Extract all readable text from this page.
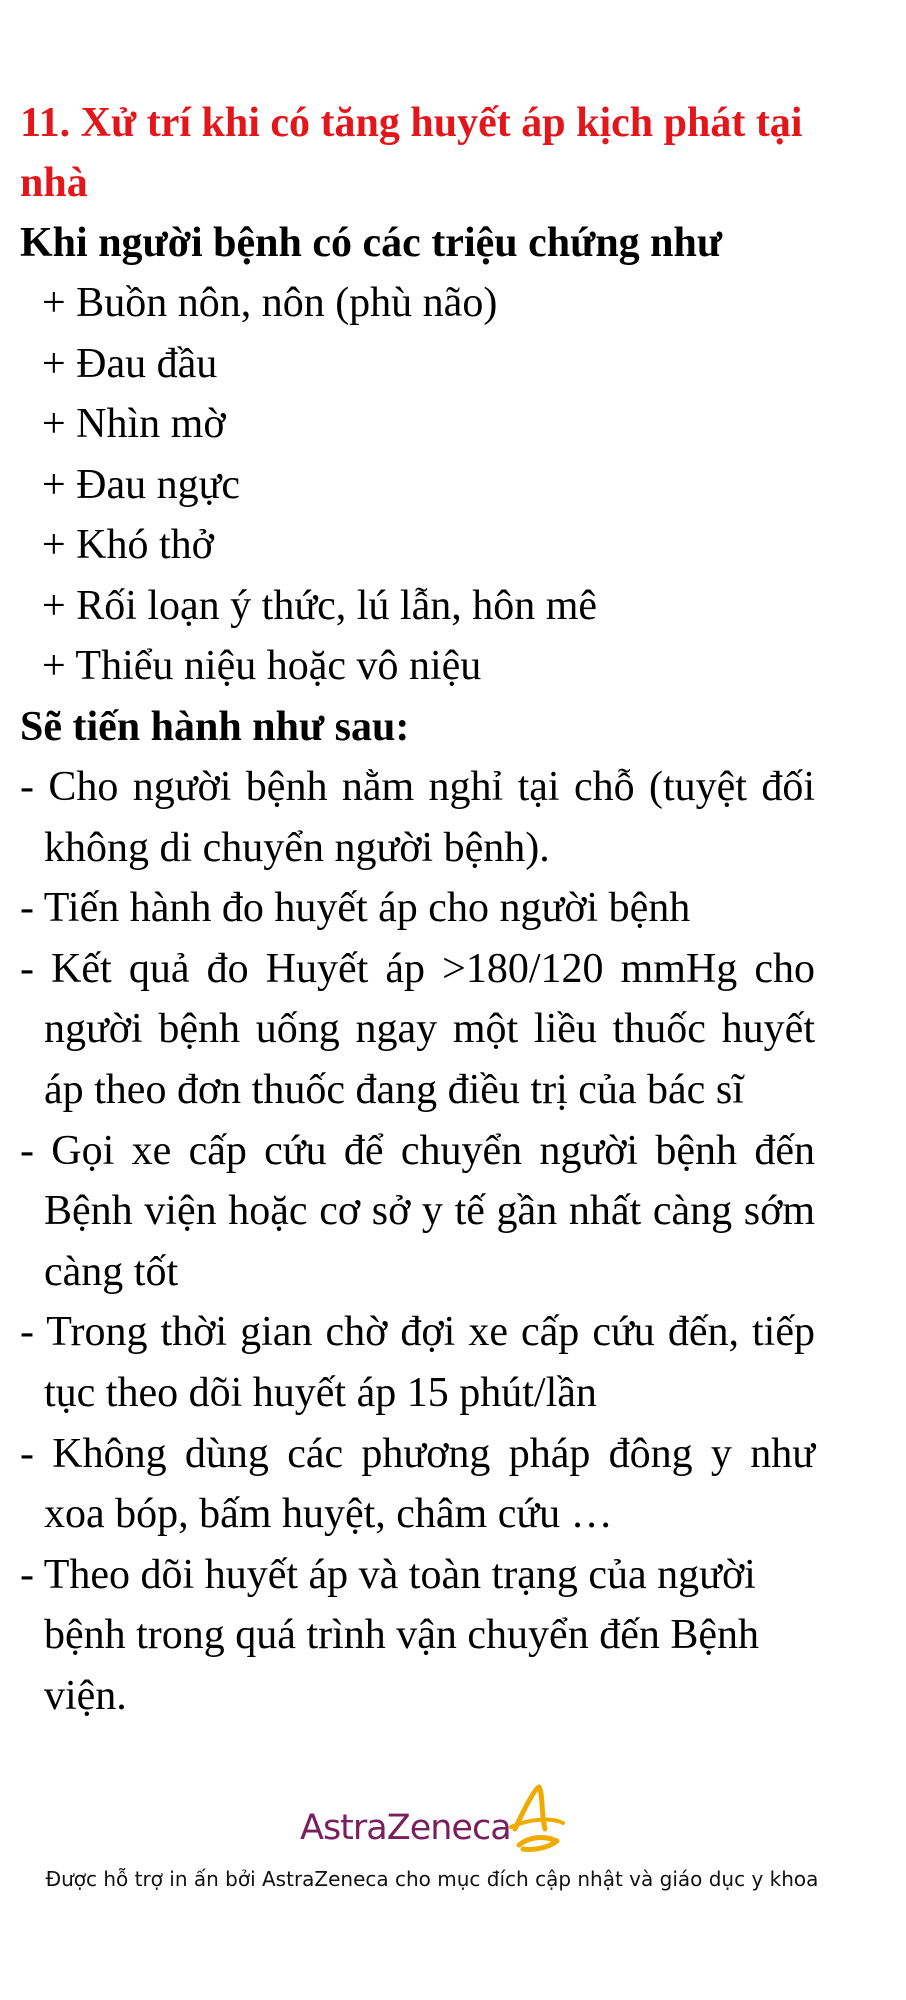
11. Xử trí khi có tăng huyết áp kịch phát tại nhà

Khi người bệnh có các triệu chứng như

+ Buồn nôn, nôn (phù não)
+ Đau đầu
+ Nhìn mờ
+ Đau ngực
+ Khó thở
+ Rối loạn ý thức, lú lẫn, hôn mê
+ Thiểu niệu hoặc vô niệu

Sẽ tiến hành như sau:

- Cho người bệnh nằm nghỉ tại chỗ (tuyệt đối không di chuyển người bệnh).
- Tiến hành đo huyết áp cho người bệnh
- Kết quả đo Huyết áp >180/120 mmHg cho người bệnh uống ngay một liều thuốc huyết áp theo đơn thuốc đang điều trị của bác sĩ
- Gọi xe cấp cứu để chuyển người bệnh đến Bệnh viện hoặc cơ sở y tế gần nhất càng sớm càng tốt
- Trong thời gian chờ đợi xe cấp cứu đến, tiếp tục theo dõi huyết áp 15 phút/lần
- Không dùng các phương pháp đông y như xoa bóp, bấm huyệt, châm cứu …
- Theo dõi huyết áp và toàn trạng của người bệnh trong quá trình vận chuyển đến Bệnh viện.
AstraZeneca

Được hỗ trợ in ấn bởi AstraZeneca cho mục đích cập nhật và giáo dục y khoa
